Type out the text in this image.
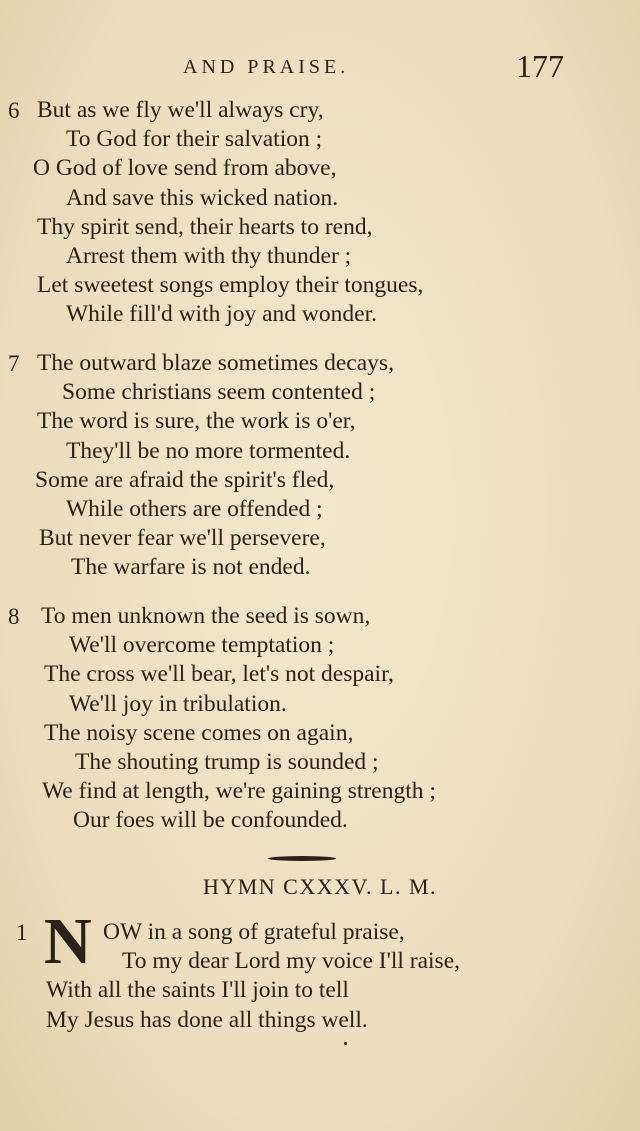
AND PRAISE.	177
6 But as we fly we'll always cry,
To God for their salvation ;
O God of love send from above,
And save this wicked nation.
Thy spirit send, their hearts to rend,
Arrest them with thy thunder ;
Let sweetest songs employ their tongues,
While fill'd with joy and wonder.
7 The outward blaze sometimes decays,
Some christians seem contented ;
The word is sure, the work is o'er,
They'll be no more tormented.
Some are afraid the spirit's fled,
While others are offended ;
But never fear we'll persevere,
The warfare is not ended.
8 To men unknown the seed is sown,
We'll overcome temptation ;
The cross we'll bear, let's not despair,
We'll joy in tribulation.
The noisy scene comes on again,
The shouting trump is sounded ;
We find at length, we're gaining strength ;
Our foes will be confounded.
HYMN CXXXV. L. M.
1 N OW in a song of grateful praise,
To my dear Lord my voice I'll raise,
With all the saints I'll join to tell
My Jesus has done all things well.
